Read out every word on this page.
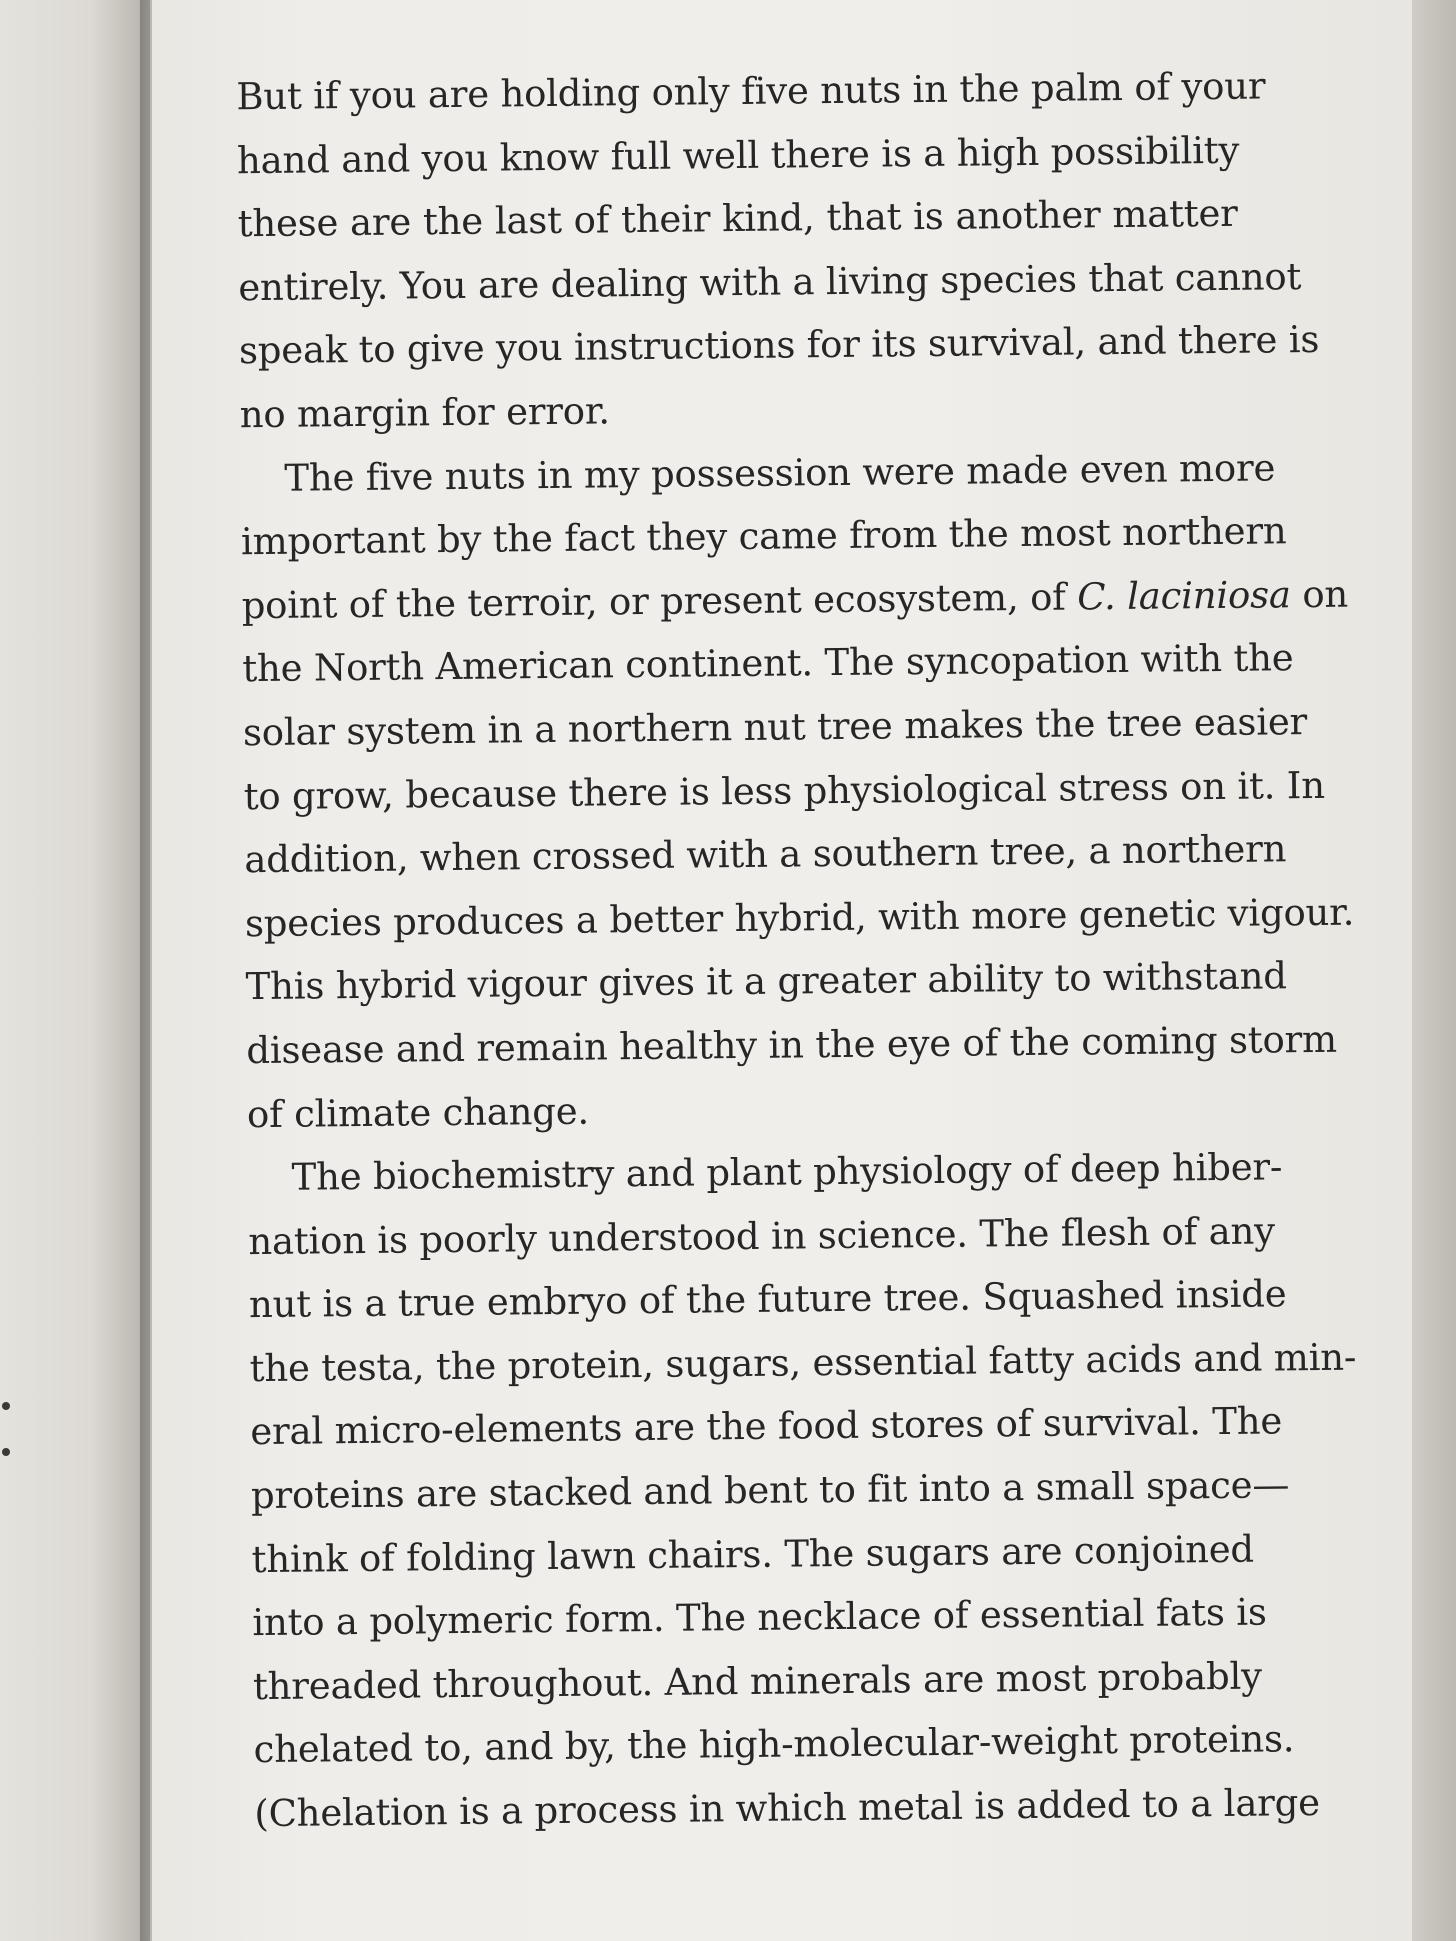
But if you are holding only five nuts in the palm of your
hand and you know full well there is a high possibility
these are the last of their kind, that is another matter
entirely. You are dealing with a living species that cannot
speak to give you instructions for its survival, and there is
no margin for error.
The five nuts in my possession were made even more
important by the fact they came from the most northern
point of the terroir, or present ecosystem, of C. laciniosa on
the North American continent. The syncopation with the
solar system in a northern nut tree makes the tree easier
to grow, because there is less physiological stress on it. In
addition, when crossed with a southern tree, a northern
species produces a better hybrid, with more genetic vigour.
This hybrid vigour gives it a greater ability to withstand
disease and remain healthy in the eye of the coming storm
of climate change.
The biochemistry and plant physiology of deep hiber-
nation is poorly understood in science. The flesh of any
nut is a true embryo of the future tree. Squashed inside
the testa, the protein, sugars, essential fatty acids and min-
eral micro-elements are the food stores of survival. The
proteins are stacked and bent to fit into a small space—
think of folding lawn chairs. The sugars are conjoined
into a polymeric form. The necklace of essential fats is
threaded throughout. And minerals are most probably
chelated to, and by, the high-molecular-weight proteins.
(Chelation is a process in which metal is added to a large
